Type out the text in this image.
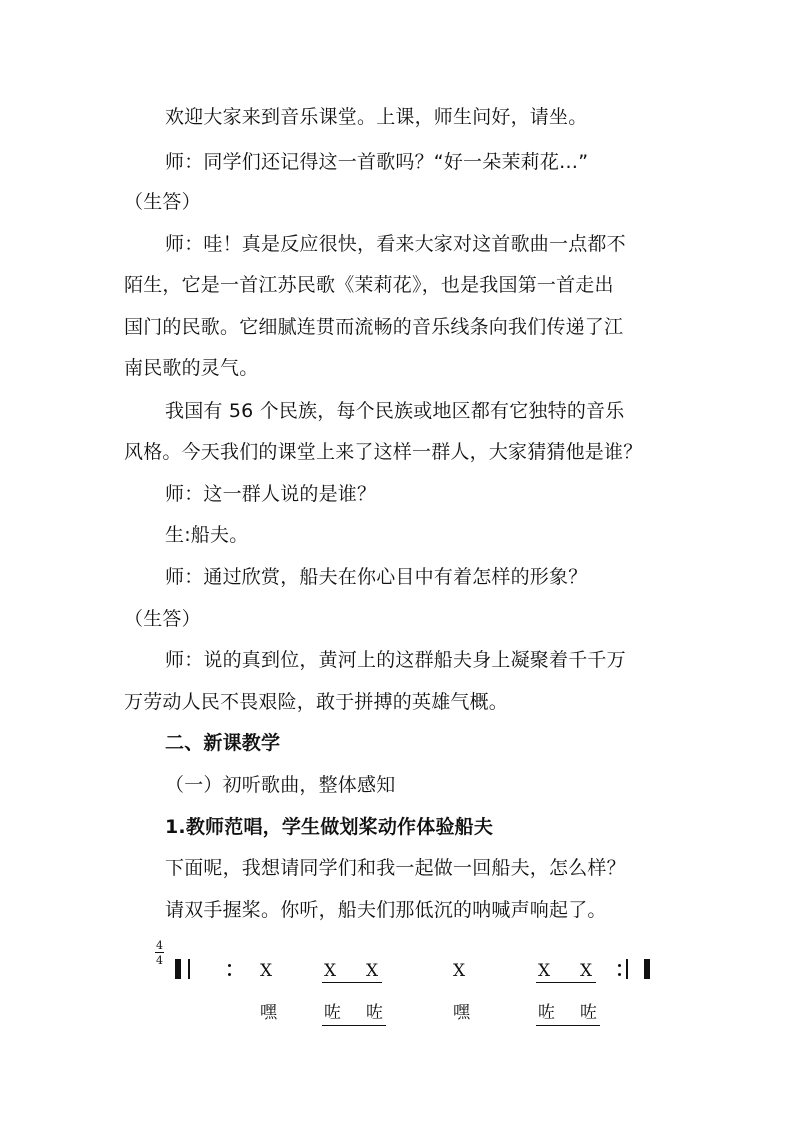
欢迎大家来到音乐课堂。上课，师生问好，请坐。
师：同学们还记得这一首歌吗？“好一朵茉莉花…”
（生答）
师：哇！真是反应很快，看来大家对这首歌曲一点都不
陌生，它是一首江苏民歌《茉莉花》，也是我国第一首走出
国门的民歌。它细腻连贯而流畅的音乐线条向我们传递了江
南民歌的灵气。
我国有 56 个民族，每个民族或地区都有它独特的音乐
风格。今天我们的课堂上来了这样一群人，大家猜猜他是谁？
师：这一群人说的是谁？
生:船夫。
师：通过欣赏，船夫在你心目中有着怎样的形象？
（生答）
师：说的真到位，黄河上的这群船夫身上凝聚着千千万
万劳动人民不畏艰险，敢于拼搏的英雄气概。
二、新课教学
（一）初听歌曲，整体感知
1.教师范唱，学生做划桨动作体验船夫
下面呢，我想请同学们和我一起做一回船夫，怎么样？
请双手握桨。你听，船夫们那低沉的呐喊声响起了。
4
4
X	X X	X	X X
嘿	咗 咗	嘿	咗 咗
